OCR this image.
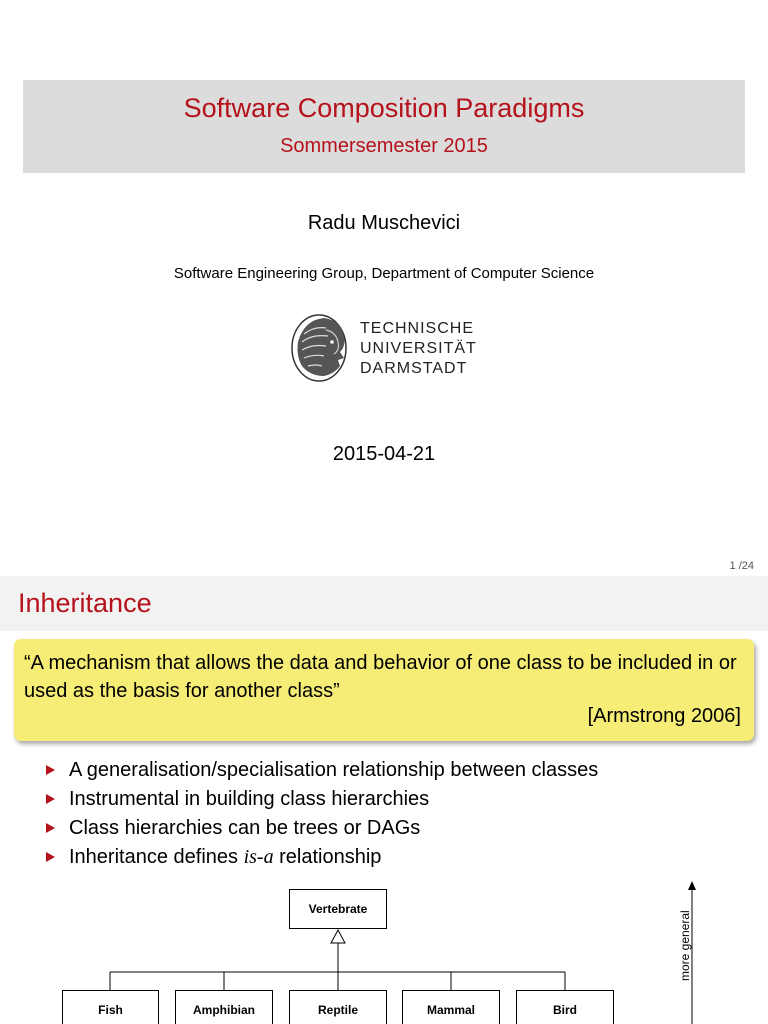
Software Composition Paradigms
Sommersemester 2015
Radu Muschevici
Software Engineering Group, Department of Computer Science
TECHNISCHE
UNIVERSITÄT
DARMSTADT
2015-04-21
1 /24
Inheritance
“A mechanism that allows the data and behavior of one class to be included in or used as the basis for another class”
[Armstrong 2006]
A generalisation/specialisation relationship between classes
Instrumental in building class hierarchies
Class hierarchies can be trees or DAGs
Inheritance defines is-a relationship
Vertebrate
Fish	Amphibian	Reptile	Mammal	Bird
more general
